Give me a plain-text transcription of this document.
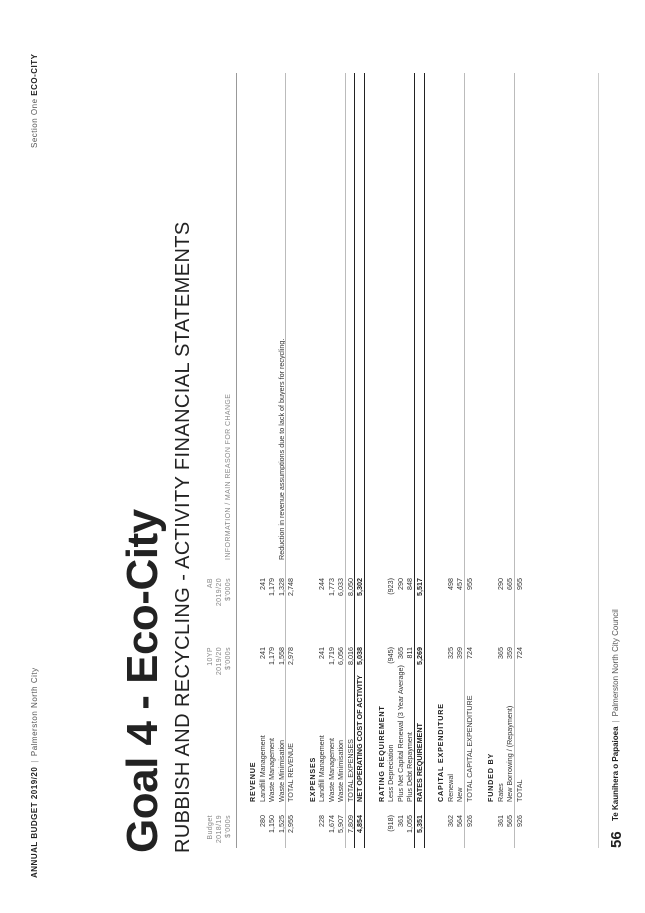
ANNUAL BUDGET 2019/20|Palmerston North City
Section One ECO-CITY
Goal 4 - Eco-City RUBBISH AND RECYCLING - ACTIVITY FINANCIAL STATEMENTS Budget 2018/19 $'000s
10YP 2019/20 $'000s
AB 2019/20 $'000s
INFORMATION / MAIN REASON FOR CHANGE
REVENUE
280
Landfill Management
241
241
1,150
Waste Management
1,179
1,179
1,525
Waste Minimisation
1,558
1,328
Reduction in revenue assumptions due to lack of buyers for recycling.
2,955
TOTAL REVENUE
2,978
2,748
EXPENSES
228
Landfill Management
241
244
1,674
Waste Management
1,719
1,773
5,907
Waste Minimisation
6,056
6,033
7,809
TOTAL EXPENSES
8,016
8,050
4,854
NET OPERATING COST OF ACTIVITY
5,038
5,302
RATING REQUIREMENT
(918)
Less Depreciation
(945)
(923)
361
Plus Net Capital Renewal (3 Year Average)
365
290
1,055
Plus Debt Repayment
811
848
5,351
RATES REQUIREMENT
5,269
5,517
CAPITAL EXPENDITURE
362
Renewal
325
498
564
New
399
457
926
TOTAL CAPITAL EXPENDITURE
724
955
FUNDED BY
361
Rates
365
290
565
New Borrowing / (Repayment)
359
665
926
TOTAL
724
955
56
Te Kaunihera o Papaioea|Palmerston North City Council
